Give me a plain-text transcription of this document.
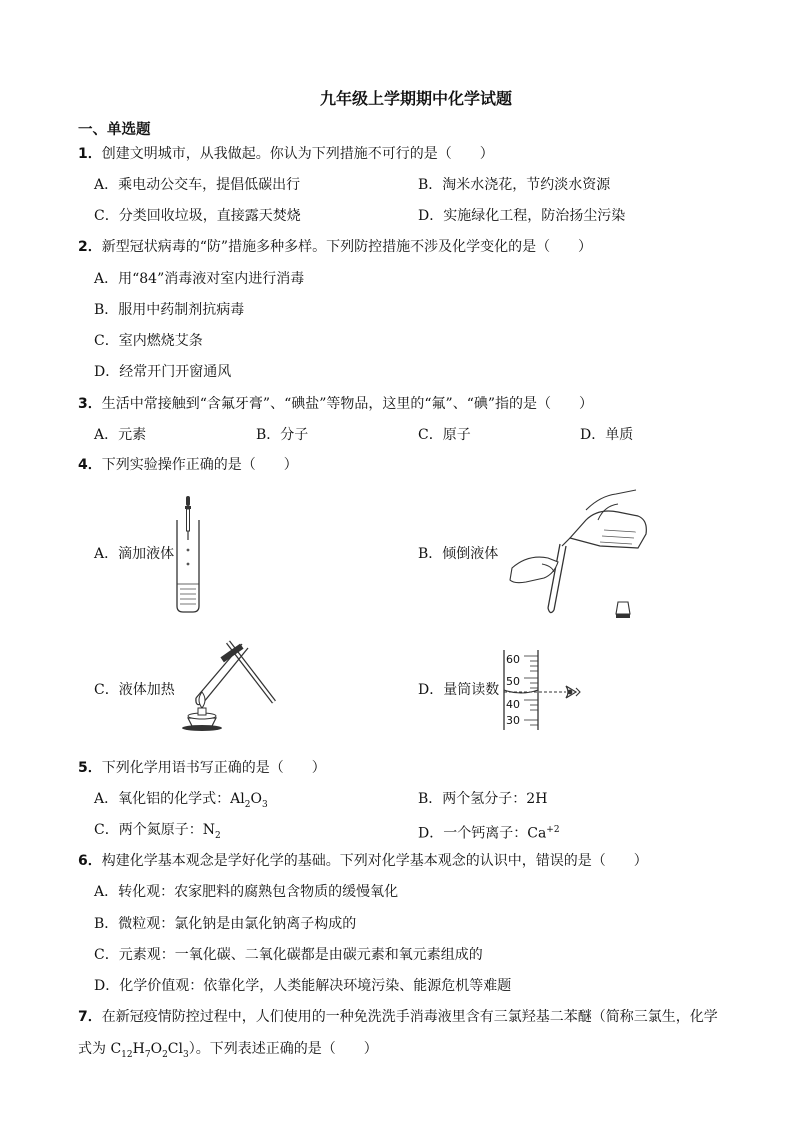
九年级上学期期中化学试题
一、单选题
1．创建文明城市，从我做起。你认为下列措施不可行的是（　　）
A．乘电动公交车，提倡低碳出行	B．淘米水浇花，节约淡水资源
C．分类回收垃圾，直接露天焚烧	D．实施绿化工程，防治扬尘污染
2．新型冠状病毒的“防”措施多种多样。下列防控措施不涉及化学变化的是（　　）
A．用“84”消毒液对室内进行消毒
B．服用中药制剂抗病毒
C．室内燃烧艾条
D．经常开门开窗通风
3．生活中常接触到“含氟牙膏”、“碘盐”等物品，这里的“氟”、“碘”指的是（　　）
A．元素	B．分子	C．原子	D．单质
4．下列实验操作正确的是（　　）
A．滴加液体	B．倾倒液体
C．液体加热	D．量筒读数
60
50
40
30
5．下列化学用语书写正确的是（　　）
A．氧化铝的化学式：$Al_2O_3$	B．两个氢分子：2H
C．两个氮原子：$N_2$	D．一个钙离子：$Ca^{+2}$
6．构建化学基本观念是学好化学的基础。下列对化学基本观念的认识中，错误的是（　　）
A．转化观：农家肥料的腐熟包含物质的缓慢氧化
B．微粒观：氯化钠是由氯化钠离子构成的
C．元素观：一氧化碳、二氧化碳都是由碳元素和氧元素组成的
D．化学价值观：依靠化学，人类能解决环境污染、能源危机等难题
7．在新冠疫情防控过程中，人们使用的一种免洗洗手消毒液里含有三氯羟基二苯醚（简称三氯生，化学
式为 $C_{12}H_7O_2Cl_3$）。下列表述正确的是（　　）
